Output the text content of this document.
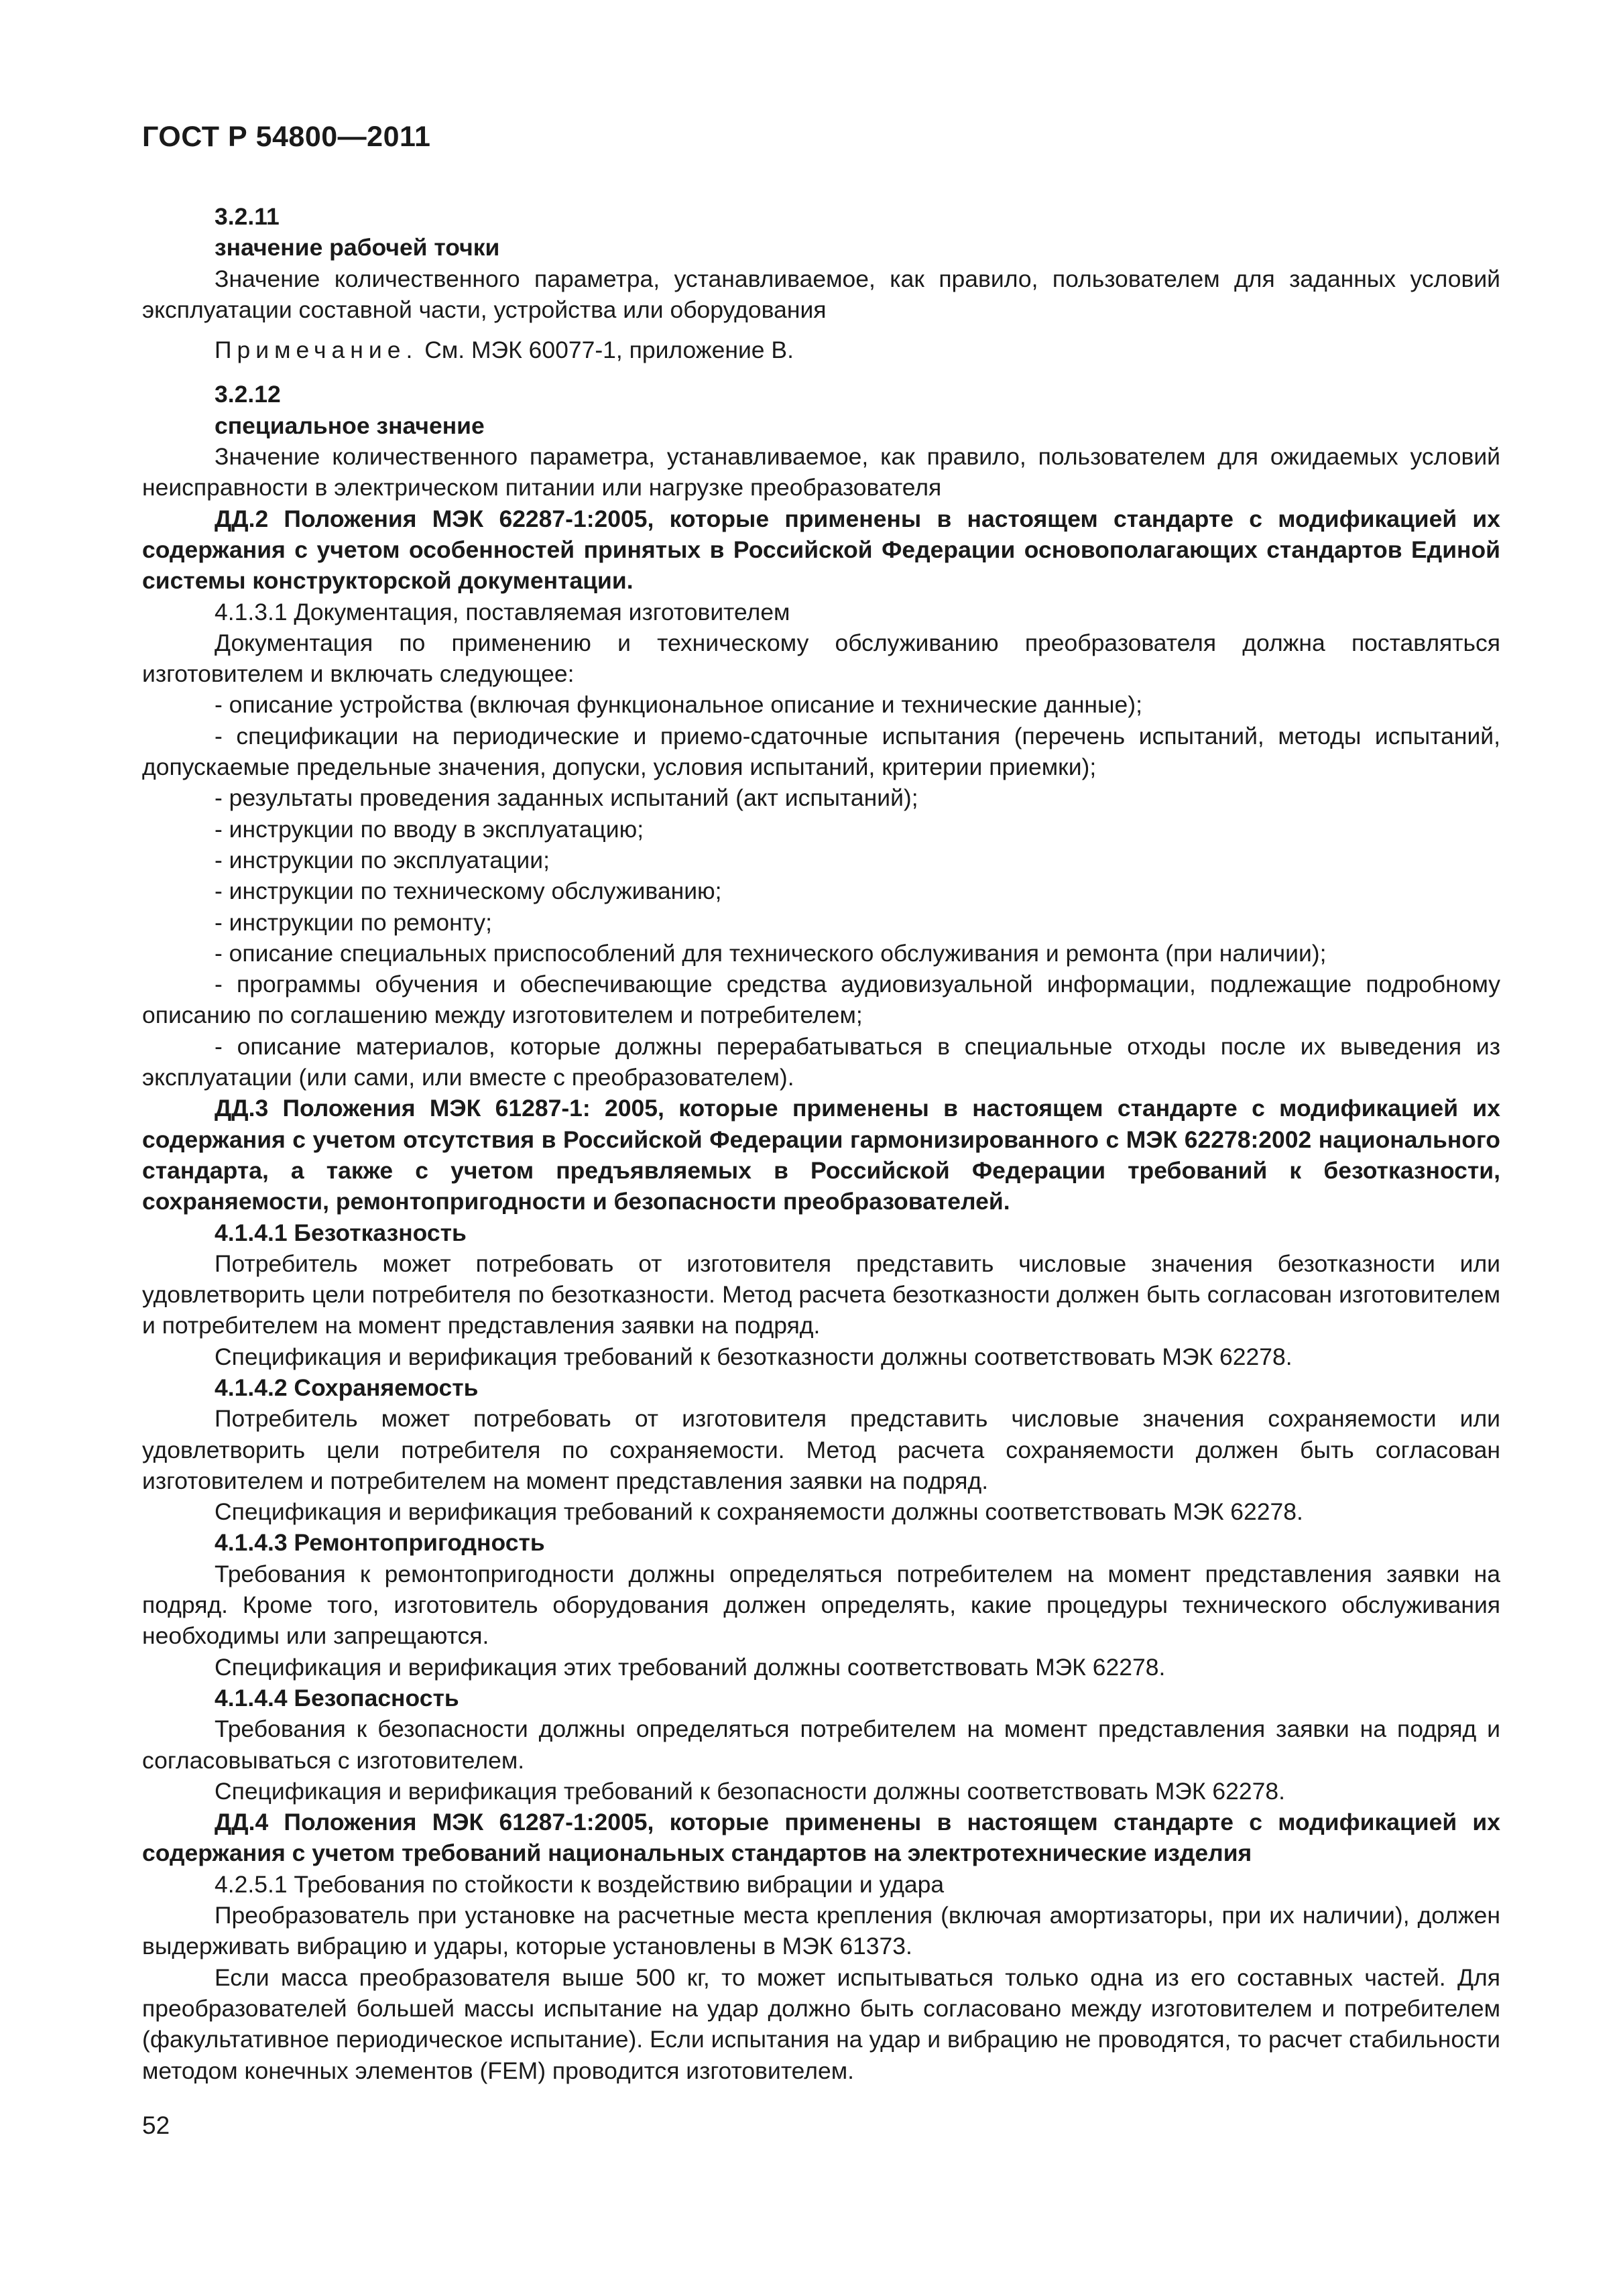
ГОСТ Р 54800—2011

3.2.11

значение рабочей точки

Значение количественного параметра, устанавливаемое, как правило, пользователем для заданных условий эксплуатации составной части, устройства или оборудования

Примечание. См. МЭК 60077-1, приложение В.

3.2.12

специальное значение

Значение количественного параметра, устанавливаемое, как правило, пользователем для ожидаемых условий неисправности в электрическом питании или нагрузке преобразователя

ДД.2 Положения МЭК 62287-1:2005, которые применены в настоящем стандарте с модификацией их содержания с учетом особенностей принятых в Российской Федерации основополагающих стандартов Единой системы конструкторской документации.

4.1.3.1 Документация, поставляемая изготовителем

Документация по применению и техническому обслуживанию преобразователя должна поставляться изготовителем и включать следующее:

- описание устройства (включая функциональное описание и технические данные);

- спецификации на периодические и приемо-сдаточные испытания (перечень испытаний, методы испытаний, допускаемые предельные значения, допуски, условия испытаний, критерии приемки);

- результаты проведения заданных испытаний (акт испытаний);

- инструкции по вводу в эксплуатацию;

- инструкции по эксплуатации;

- инструкции по техническому обслуживанию;

- инструкции по ремонту;

- описание специальных приспособлений для технического обслуживания и ремонта (при наличии);

- программы обучения и обеспечивающие средства аудиовизуальной информации, подлежащие подробному описанию по соглашению между изготовителем и потребителем;

- описание материалов, которые должны перерабатываться в специальные отходы после их выведения из эксплуатации (или сами, или вместе с преобразователем).

ДД.3 Положения МЭК 61287-1: 2005, которые применены в настоящем стандарте с модификацией их содержания с учетом отсутствия в Российской Федерации гармонизированного с МЭК 62278:2002 национального стандарта, а также с учетом предъявляемых в Российской Федерации требований к безотказности, сохраняемости, ремонтопригодности и безопасности преобразователей.

4.1.4.1 Безотказность

Потребитель может потребовать от изготовителя представить числовые значения безотказности или удовлетворить цели потребителя по безотказности. Метод расчета безотказности должен быть согласован изготовителем и потребителем на момент представления заявки на подряд.

Спецификация и верификация требований к безотказности должны соответствовать МЭК 62278.

4.1.4.2 Сохраняемость

Потребитель может потребовать от изготовителя представить числовые значения сохраняемости или удовлетворить цели потребителя по сохраняемости. Метод расчета сохраняемости должен быть согласован изготовителем и потребителем на момент представления заявки на подряд.

Спецификация и верификация требований к сохраняемости должны соответствовать МЭК 62278.

4.1.4.3 Ремонтопригодность

Требования к ремонтопригодности должны определяться потребителем на момент представления заявки на подряд. Кроме того, изготовитель оборудования должен определять, какие процедуры технического обслуживания необходимы или запрещаются.

Спецификация и верификация этих требований должны соответствовать МЭК 62278.

4.1.4.4 Безопасность

Требования к безопасности должны определяться потребителем на момент представления заявки на подряд и согласовываться с изготовителем.

Спецификация и верификация требований к безопасности должны соответствовать МЭК 62278.

ДД.4 Положения МЭК 61287-1:2005, которые применены в настоящем стандарте с модификацией их содержания с учетом требований национальных стандартов на электротехнические изделия

4.2.5.1 Требования по стойкости к воздействию вибрации и удара

Преобразователь при установке на расчетные места крепления (включая амортизаторы, при их наличии), должен выдерживать вибрацию и удары, которые установлены в МЭК 61373.

Если масса преобразователя выше 500 кг, то может испытываться только одна из его составных частей. Для преобразователей большей массы испытание на удар должно быть согласовано между изготовителем и потребителем (факультативное периодическое испытание). Если испытания на удар и вибрацию не проводятся, то расчет стабильности методом конечных элементов (FEM) проводится изготовителем.

52
